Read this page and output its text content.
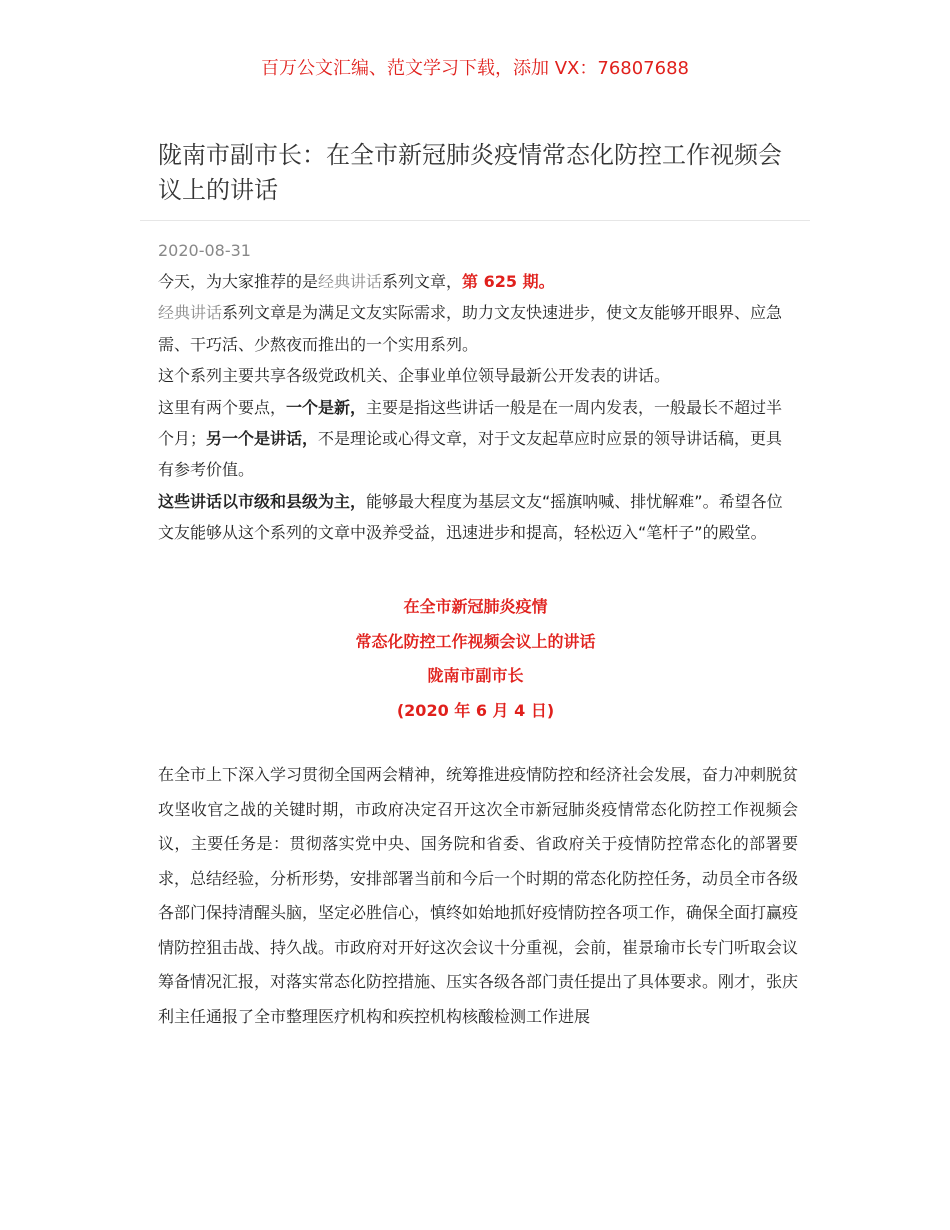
百万公文汇编、范文学习下载，添加 VX：76807688
陇南市副市长：在全市新冠肺炎疫情常态化防控工作视频会议上的讲话
2020-08-31

今天，为大家推荐的是经典讲话系列文章，第 625 期。

经典讲话系列文章是为满足文友实际需求，助力文友快速进步，使文友能够开眼界、应急需、干巧活、少熬夜而推出的一个实用系列。

这个系列主要共享各级党政机关、企事业单位领导最新公开发表的讲话。

这里有两个要点，一个是新，主要是指这些讲话一般是在一周内发表，一般最长不超过半个月；另一个是讲话，不是理论或心得文章，对于文友起草应时应景的领导讲话稿，更具有参考价值。

这些讲话以市级和县级为主，能够最大程度为基层文友“摇旗呐喊、排忧解难”。希望各位文友能够从这个系列的文章中汲养受益，迅速进步和提高，轻松迈入“笔杆子”的殿堂。

在全市新冠肺炎疫情
常态化防控工作视频会议上的讲话
陇南市副市长
(2020 年 6 月 4 日)

在全市上下深入学习贯彻全国两会精神，统筹推进疫情防控和经济社会发展，奋力冲刺脱贫攻坚收官之战的关键时期，市政府决定召开这次全市新冠肺炎疫情常态化防控工作视频会议，主要任务是：贯彻落实党中央、国务院和省委、省政府关于疫情防控常态化的部署要求，总结经验，分析形势，安排部署当前和今后一个时期的常态化防控任务，动员全市各级各部门保持清醒头脑，坚定必胜信心，慎终如始地抓好疫情防控各项工作，确保全面打赢疫情防控狙击战、持久战。市政府对开好这次会议十分重视，会前，崔景瑜市长专门听取会议筹备情况汇报，对落实常态化防控措施、压实各级各部门责任提出了具体要求。刚才，张庆利主任通报了全市整理医疗机构和疾控机构核酸检测工作进展
